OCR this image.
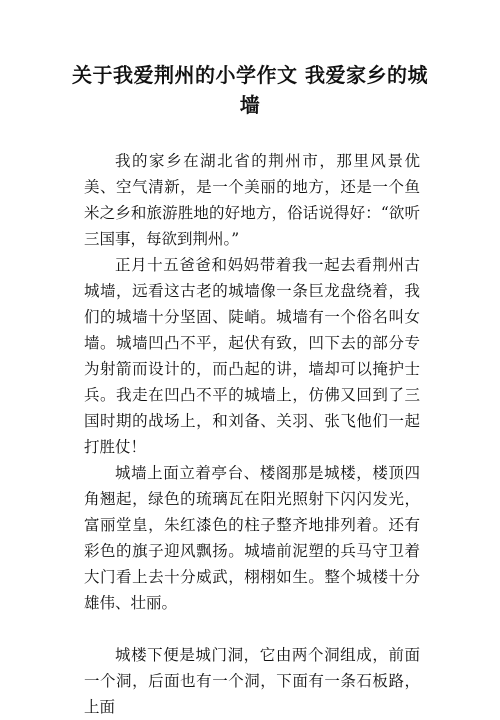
关于我爱荆州的小学作文 我爱家乡的城墙

我的家乡在湖北省的荆州市，那里风景优美、空气清新，是一个美丽的地方，还是一个鱼米之乡和旅游胜地的好地方，俗话说得好：“欲听三国事，每欲到荆州。”

正月十五爸爸和妈妈带着我一起去看荆州古城墙，远看这古老的城墙像一条巨龙盘绕着，我们的城墙十分坚固、陡峭。城墙有一个俗名叫女墙。城墙凹凸不平，起伏有致，凹下去的部分专为射箭而设计的，而凸起的讲，墙却可以掩护士兵。我走在凹凸不平的城墙上，仿佛又回到了三国时期的战场上，和刘备、关羽、张飞他们一起打胜仗！

城墙上面立着亭台、楼阁那是城楼，楼顶四角翘起，绿色的琉璃瓦在阳光照射下闪闪发光，富丽堂皇，朱红漆色的柱子整齐地排列着。还有彩色的旗子迎风飘扬。城墙前泥塑的兵马守卫着大门看上去十分威武，栩栩如生。整个城楼十分雄伟、壮丽。

城楼下便是城门洞，它由两个洞组成，前面一个洞，后面也有一个洞，下面有一条石板路，上面
